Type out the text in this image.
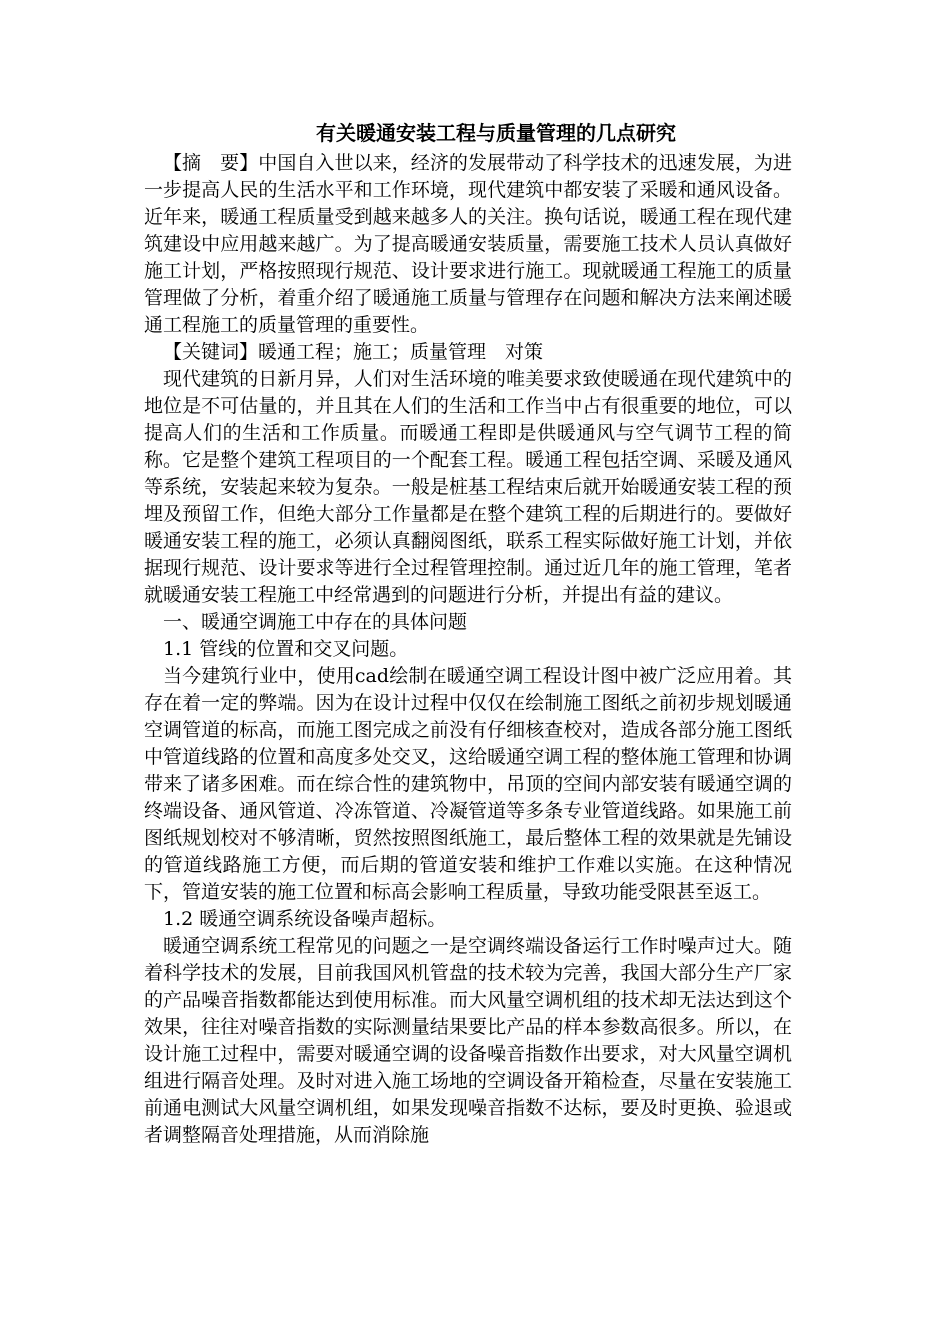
有关暖通安装工程与质量管理的几点研究

【摘　要】中国自入世以来，经济的发展带动了科学技术的迅速发展，为进一步提高人民的生活水平和工作环境，现代建筑中都安装了采暖和通风设备。近年来，暖通工程质量受到越来越多人的关注。换句话说，暖通工程在现代建筑建设中应用越来越广。为了提高暖通安装质量，需要施工技术人员认真做好施工计划，严格按照现行规范、设计要求进行施工。现就暖通工程施工的质量管理做了分析，着重介绍了暖通施工质量与管理存在问题和解决方法来阐述暖通工程施工的质量管理的重要性。

【关键词】暖通工程；施工；质量管理　对策

现代建筑的日新月异，人们对生活环境的唯美要求致使暖通在现代建筑中的地位是不可估量的，并且其在人们的生活和工作当中占有很重要的地位，可以提高人们的生活和工作质量。而暖通工程即是供暖通风与空气调节工程的简称。它是整个建筑工程项目的一个配套工程。暖通工程包括空调、采暖及通风等系统，安装起来较为复杂。一般是桩基工程结束后就开始暖通安装工程的预埋及预留工作，但绝大部分工作量都是在整个建筑工程的后期进行的。要做好暖通安装工程的施工，必须认真翻阅图纸，联系工程实际做好施工计划，并依据现行规范、设计要求等进行全过程管理控制。通过近几年的施工管理，笔者就暖通安装工程施工中经常遇到的问题进行分析，并提出有益的建议。

一、暖通空调施工中存在的具体问题

1.1 管线的位置和交叉问题。

当今建筑行业中，使用cad绘制在暖通空调工程设计图中被广泛应用着。其存在着一定的弊端。因为在设计过程中仅仅在绘制施工图纸之前初步规划暖通空调管道的标高，而施工图完成之前没有仔细核查校对，造成各部分施工图纸中管道线路的位置和高度多处交叉，这给暖通空调工程的整体施工管理和协调带来了诸多困难。而在综合性的建筑物中，吊顶的空间内部安装有暖通空调的终端设备、通风管道、冷冻管道、冷凝管道等多条专业管道线路。如果施工前图纸规划校对不够清晰，贸然按照图纸施工，最后整体工程的效果就是先铺设的管道线路施工方便，而后期的管道安装和维护工作难以实施。在这种情况下，管道安装的施工位置和标高会影响工程质量，导致功能受限甚至返工。

1.2 暖通空调系统设备噪声超标。

暖通空调系统工程常见的问题之一是空调终端设备运行工作时噪声过大。随着科学技术的发展，目前我国风机管盘的技术较为完善，我国大部分生产厂家的产品噪音指数都能达到使用标准。而大风量空调机组的技术却无法达到这个效果，往往对噪音指数的实际测量结果要比产品的样本参数高很多。所以，在设计施工过程中，需要对暖通空调的设备噪音指数作出要求，对大风量空调机组进行隔音处理。及时对进入施工场地的空调设备开箱检查，尽量在安装施工前通电测试大风量空调机组，如果发现噪音指数不达标，要及时更换、验退或者调整隔音处理措施，从而消除施
